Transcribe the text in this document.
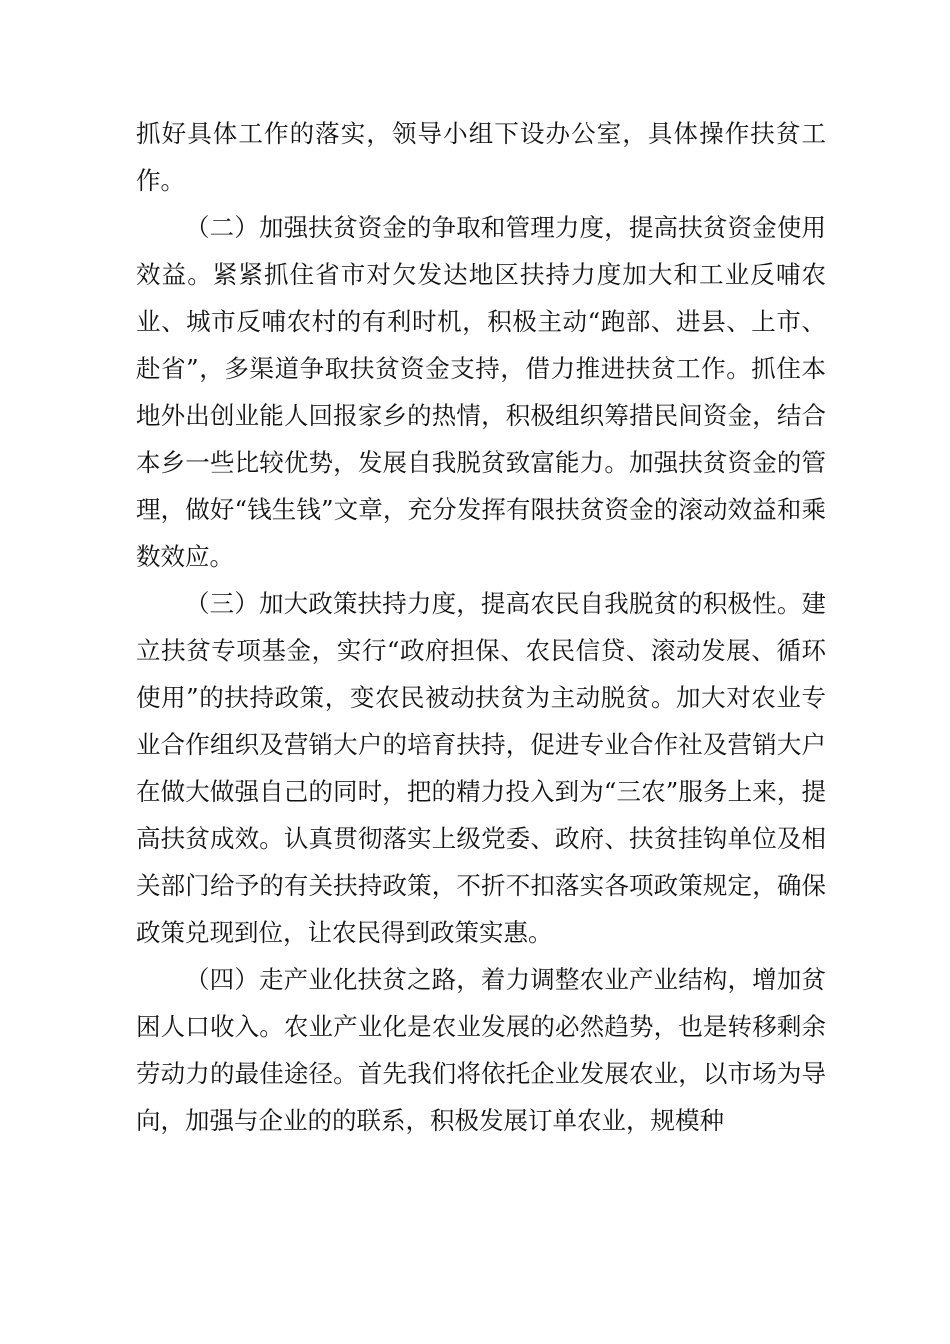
抓好具体工作的落实，领导小组下设办公室，具体操作扶贫工作。

（二）加强扶贫资金的争取和管理力度，提高扶贫资金使用效益。紧紧抓住省市对欠发达地区扶持力度加大和工业反哺农业、城市反哺农村的有利时机，积极主动“跑部、进县、上市、赴省”，多渠道争取扶贫资金支持，借力推进扶贫工作。抓住本地外出创业能人回报家乡的热情，积极组织筹措民间资金，结合本乡一些比较优势，发展自我脱贫致富能力。加强扶贫资金的管理，做好“钱生钱”文章，充分发挥有限扶贫资金的滚动效益和乘数效应。

（三）加大政策扶持力度，提高农民自我脱贫的积极性。建立扶贫专项基金，实行“政府担保、农民信贷、滚动发展、循环使用”的扶持政策，变农民被动扶贫为主动脱贫。加大对农业专业合作组织及营销大户的培育扶持，促进专业合作社及营销大户在做大做强自己的同时，把的精力投入到为“三农”服务上来，提高扶贫成效。认真贯彻落实上级党委、政府、扶贫挂钩单位及相关部门给予的有关扶持政策，不折不扣落实各项政策规定，确保政策兑现到位，让农民得到政策实惠。

（四）走产业化扶贫之路，着力调整农业产业结构，增加贫困人口收入。农业产业化是农业发展的必然趋势，也是转移剩余劳动力的最佳途径。首先我们将依托企业发展农业，以市场为导向，加强与企业的的联系，积极发展订单农业，规模种
